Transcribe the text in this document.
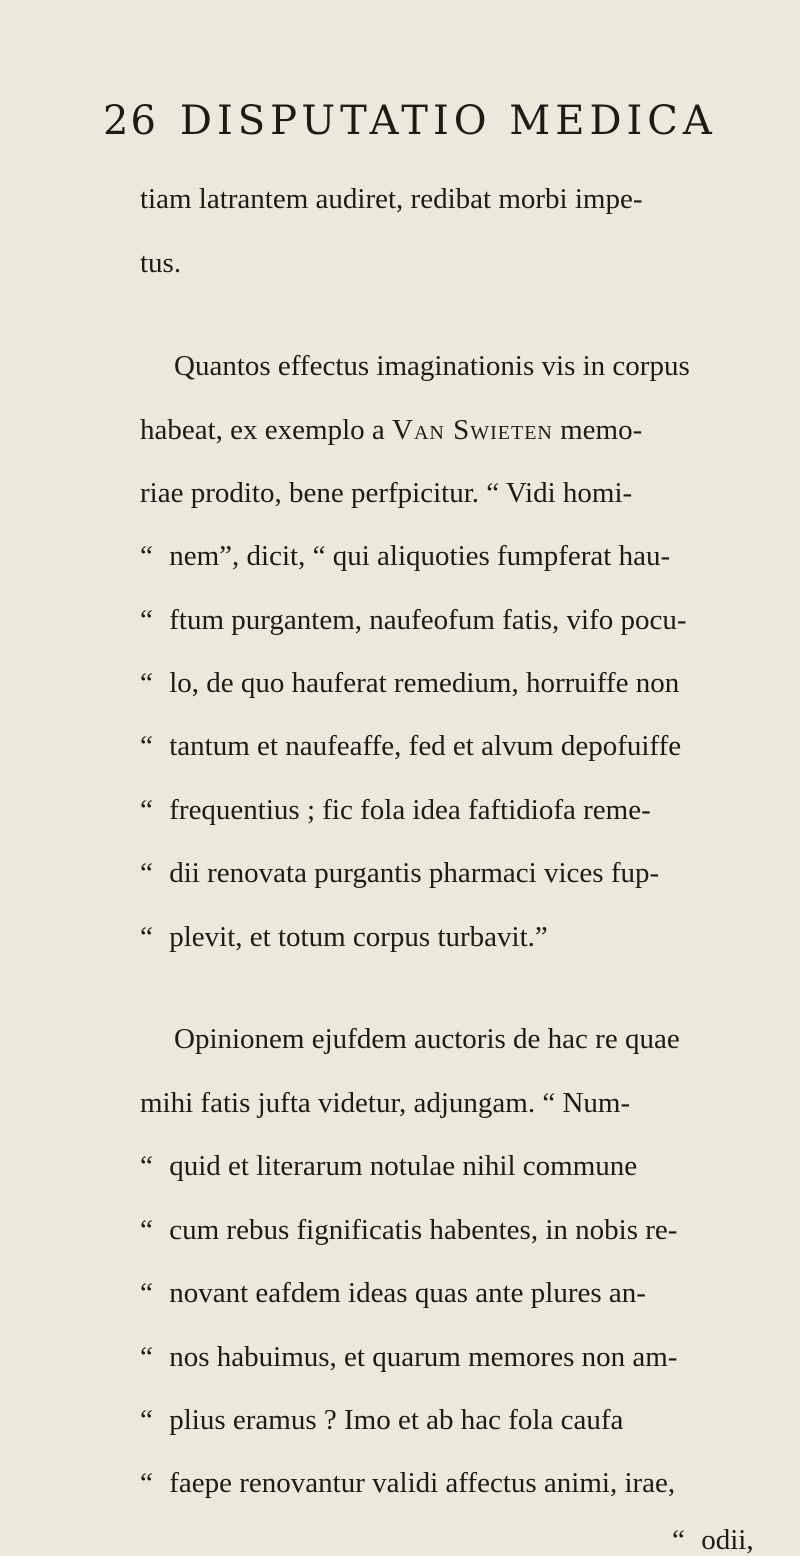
26 DISPUTATIO MEDICA
tiam latrantem audiret, redibat morbi impe-
tus.
Quantos effectus imaginationis vis in corpus
habeat, ex exemplo a Van Swieten memo-
riae prodito, bene perfpicitur. “ Vidi homi-
“ nem”, dicit, “ qui aliquoties fumpferat hau-
“ ftum purgantem, naufeofum fatis, vifo pocu-
“ lo, de quo hauferat remedium, horruiffe non
“ tantum et naufeaffe, fed et alvum depofuiffe
“ frequentius ; fic fola idea faftidiofa reme-
“ dii renovata purgantis pharmaci vices fup-
“ plevit, et totum corpus turbavit.”
Opinionem ejufdem auctoris de hac re quae
mihi fatis jufta videtur, adjungam. “ Num-
“ quid et literarum notulae nihil commune
“ cum rebus fignificatis habentes, in nobis re-
“ novant eafdem ideas quas ante plures an-
“ nos habuimus, et quarum memores non am-
“ plius eramus ? Imo et ab hac fola caufa
“ faepe renovantur validi affectus animi, irae,
“ odii,
